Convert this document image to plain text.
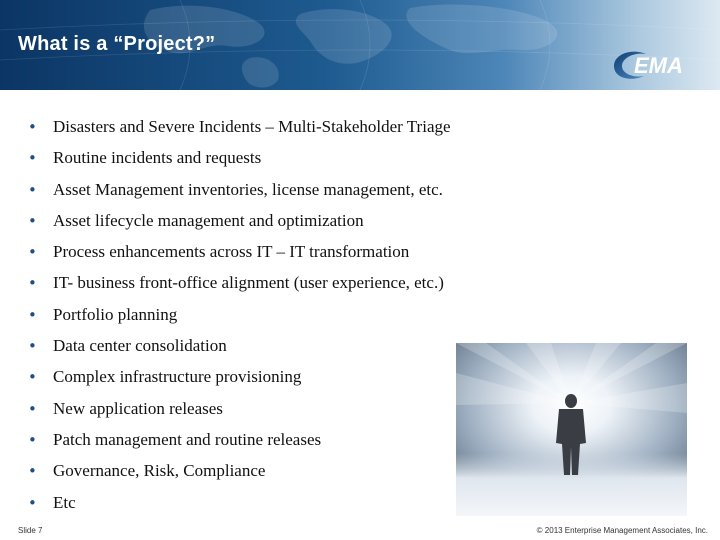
What is a “Project?”
EMA
• Disasters and Severe Incidents – Multi-Stakeholder Triage
• Routine incidents and requests
• Asset Management inventories, license management, etc.
• Asset lifecycle management and optimization
• Process enhancements across IT – IT transformation
• IT- business front-office alignment (user experience, etc.)
• Portfolio planning
• Data center consolidation
• Complex infrastructure provisioning
• New application releases
• Patch management and routine releases
• Governance, Risk, Compliance
• Etc
Slide 7	© 2013 Enterprise Management Associates, Inc.
